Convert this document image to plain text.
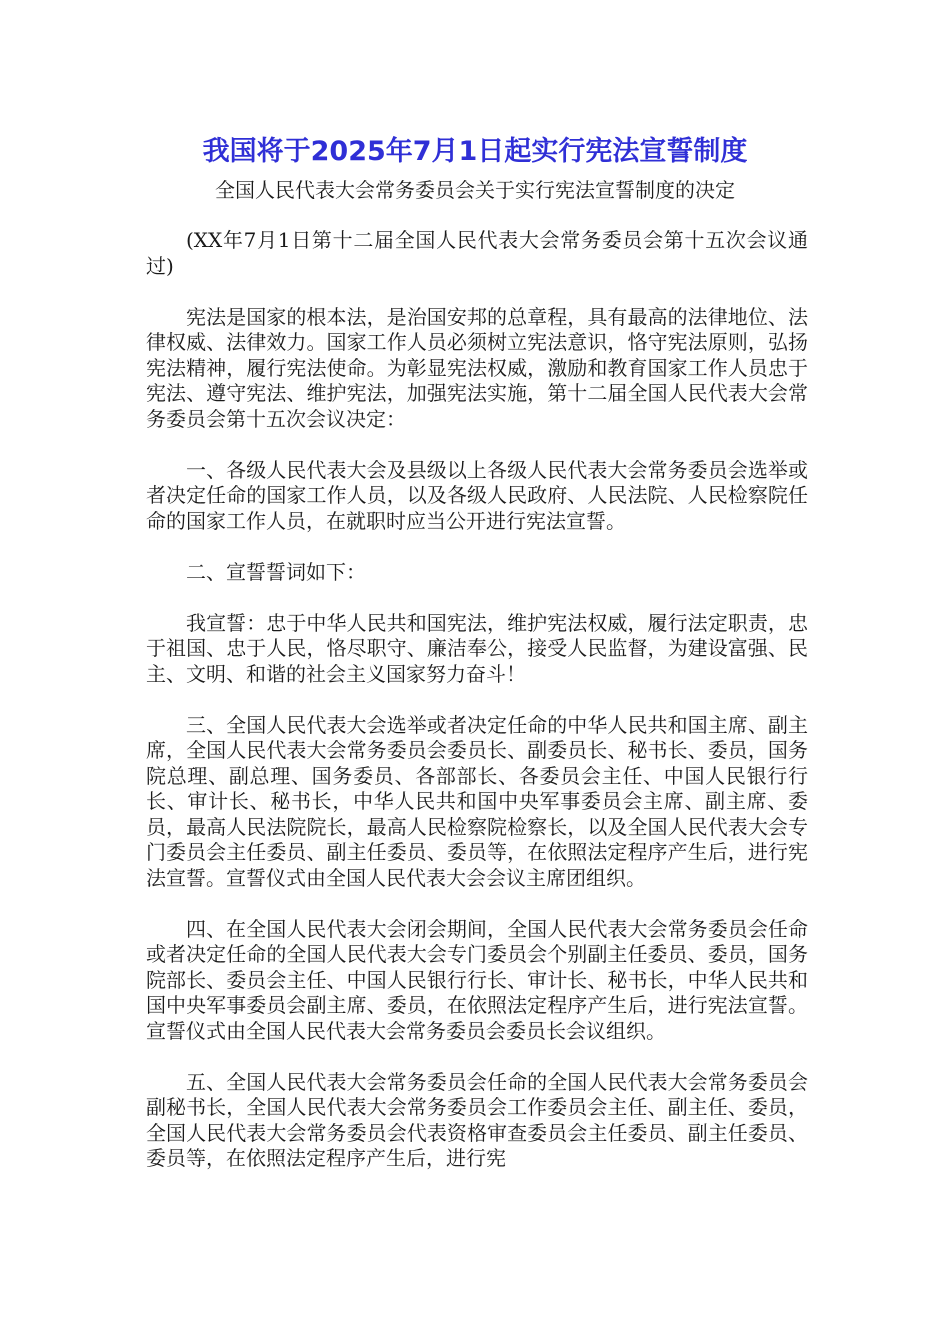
我国将于2025年7月1日起实行宪法宣誓制度
全国人民代表大会常务委员会关于实行宪法宣誓制度的决定

(XX年7月1日第十二届全国人民代表大会常务委员会第十五次会议通过)

宪法是国家的根本法，是治国安邦的总章程，具有最高的法律地位、法律权威、法律效力。国家工作人员必须树立宪法意识，恪守宪法原则，弘扬宪法精神，履行宪法使命。为彰显宪法权威，激励和教育国家工作人员忠于宪法、遵守宪法、维护宪法，加强宪法实施，第十二届全国人民代表大会常务委员会第十五次会议决定：

一、各级人民代表大会及县级以上各级人民代表大会常务委员会选举或者决定任命的国家工作人员，以及各级人民政府、人民法院、人民检察院任命的国家工作人员，在就职时应当公开进行宪法宣誓。

二、宣誓誓词如下：

我宣誓：忠于中华人民共和国宪法，维护宪法权威，履行法定职责，忠于祖国、忠于人民，恪尽职守、廉洁奉公，接受人民监督，为建设富强、民主、文明、和谐的社会主义国家努力奋斗！

三、全国人民代表大会选举或者决定任命的中华人民共和国主席、副主席，全国人民代表大会常务委员会委员长、副委员长、秘书长、委员，国务院总理、副总理、国务委员、各部部长、各委员会主任、中国人民银行行长、审计长、秘书长，中华人民共和国中央军事委员会主席、副主席、委员，最高人民法院院长，最高人民检察院检察长，以及全国人民代表大会专门委员会主任委员、副主任委员、委员等，在依照法定程序产生后，进行宪法宣誓。宣誓仪式由全国人民代表大会会议主席团组织。

四、在全国人民代表大会闭会期间，全国人民代表大会常务委员会任命或者决定任命的全国人民代表大会专门委员会个别副主任委员、委员，国务院部长、委员会主任、中国人民银行行长、审计长、秘书长，中华人民共和国中央军事委员会副主席、委员，在依照法定程序产生后，进行宪法宣誓。宣誓仪式由全国人民代表大会常务委员会委员长会议组织。

五、全国人民代表大会常务委员会任命的全国人民代表大会常务委员会副秘书长，全国人民代表大会常务委员会工作委员会主任、副主任、委员，全国人民代表大会常务委员会代表资格审查委员会主任委员、副主任委员、委员等，在依照法定程序产生后，进行宪
